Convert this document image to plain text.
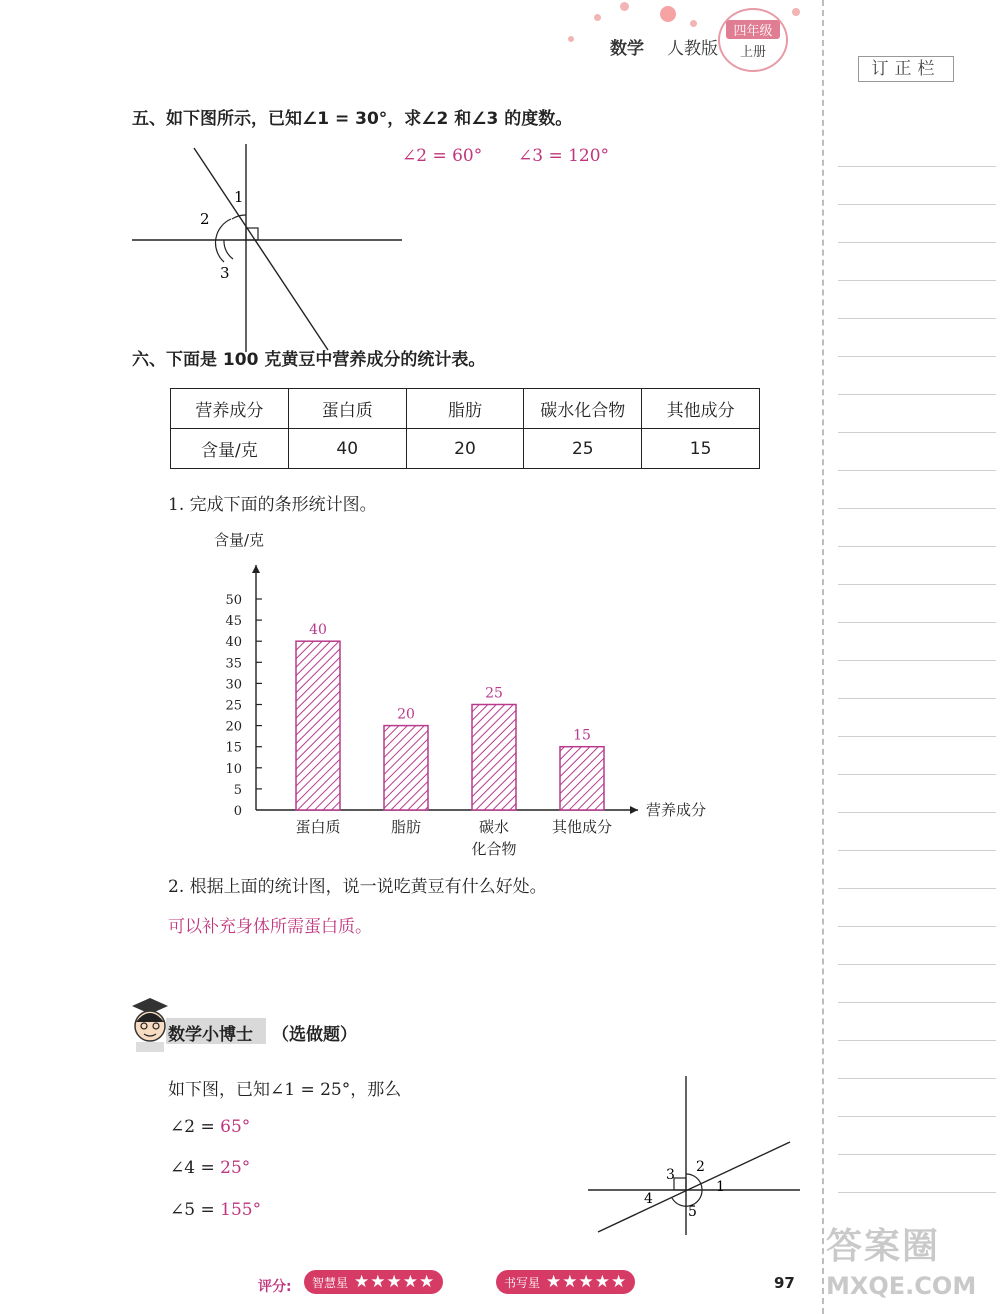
数学 人教版
四年级
上册
订正栏
五、如下图所示，已知∠1 = 30°，求∠2 和∠3 的度数。
∠2 = 60° ∠3 = 120°
1
2
3
六、下面是 100 克黄豆中营养成分的统计表。
营养成分	蛋白质	脂肪	碳水化合物	其他成分
含量/克	40	20	25	15
1. 完成下面的条形统计图。
含量/克
营养成分
0
5
10
15
20
25
30
35
40
45
50
40
蛋白质
20
脂肪
25
碳水
化合物
15
其他成分
2. 根据上面的统计图，说一说吃黄豆有什么好处。
可以补充身体所需蛋白质。
数学小博士 （选做题）
如下图，已知∠1 = 25°，那么
∠2 = 65°
∠4 = 25°
∠5 = 155°
1
2
3
4
5
评分:	智慧星 ★★★★★	书写星 ★★★★★	97
答案圈
MXQE.COM
